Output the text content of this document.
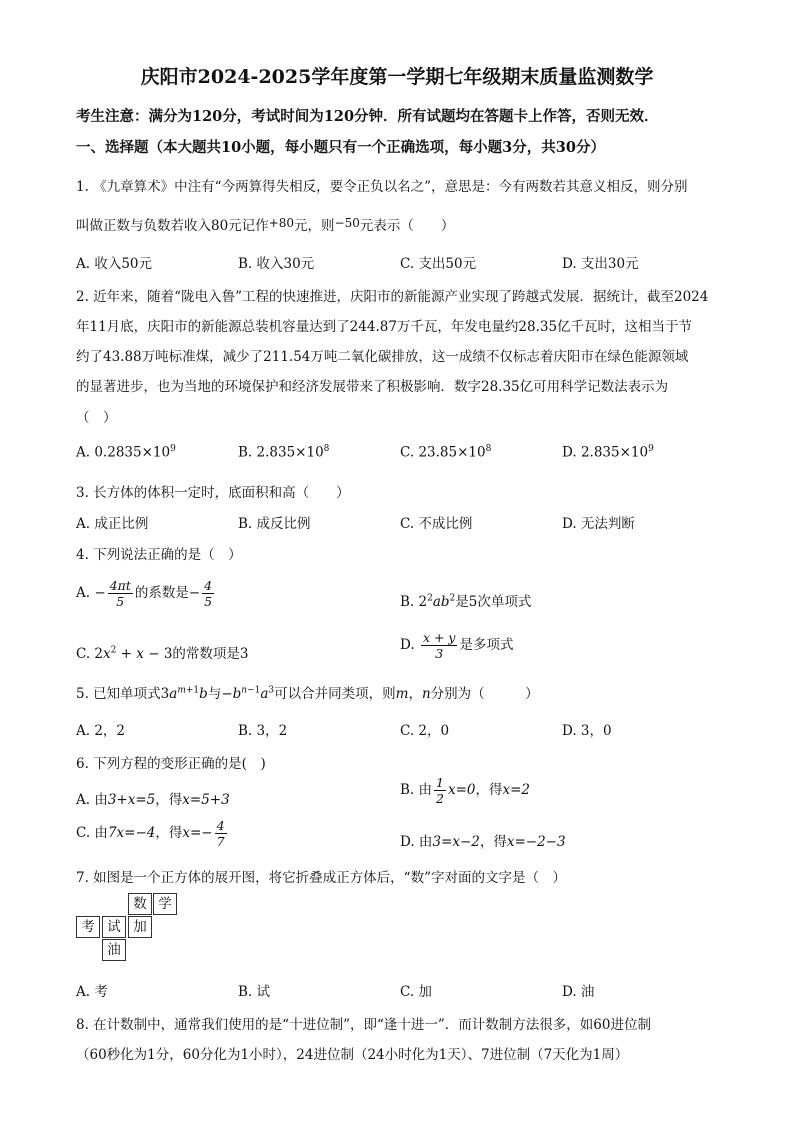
庆阳市2024-2025学年度第一学期七年级期末质量监测数学
考生注意：满分为120分，考试时间为120分钟．所有试题均在答题卡上作答，否则无效．
一、选择题（本大题共10小题，每小题只有一个正确选项，每小题3分，共30分）
1. 《九章算术》中注有“今两算得失相反，要令正负以名之”，意思是：今有两数若其意义相反，则分别
叫做正数与负数若收入80元记作+80元，则−50元表示（　　）
A. 收入50元	B. 收入30元	C. 支出50元	D. 支出30元
2. 近年来，随着“陇电入鲁”工程的快速推进，庆阳市的新能源产业实现了跨越式发展．据统计，截至2024
年11月底，庆阳市的新能源总装机容量达到了244.87万千瓦，年发电量约28.35亿千瓦时，这相当于节
约了43.88万吨标准煤，减少了211.54万吨二氧化碳排放，这一成绩不仅标志着庆阳市在绿色能源领域
的显著进步，也为当地的环境保护和经济发展带来了积极影响．数字28.35亿可用科学记数法表示为
（　）
A. $0.2835\times 10^9$	B. $2.835\times 10^8$	C. $23.85\times 10^8$	D. $2.835\times 10^9$
3. 长方体的体积一定时，底面积和高（　　）
A. 成正比例	B. 成反比例	C. 不成比例	D. 无法判断
4. 下列说法正确的是（　）
A. − $\frac{4\pi t}{5}$ 的系数是− $\frac{4}{5}$	B. $2^2ab^2$是5次单项式
C. $2x^2 + x - 3$的常数项是3
D. $\frac{x + y}{3}$ 是多项式
5. 已知单项式$3a^{m+1}b$与$-b^{n-1}a^3$可以合并同类项，则m，n分别为（　　　）
A. 2，2	B. 3，2	C. 2，0	D. 3，0
6. 下列方程的变形正确的是(　)
A. 由3+x=5，得x=5+3
B. 由 $\frac{1}{2} x=0$，得x=2
C. 由7x=−4，得$x=- \frac{4}{7}$	D. 由3=x−2，得x=−2−3
7. 如图是一个正方体的展开图，将它折叠成正方体后，“数”字对面的文字是（　）
数 学
考 试 加
油
A. 考	B. 试	C. 加	D. 油
8. 在计数制中，通常我们使用的是“十进位制”，即“逢十进一”．而计数制方法很多，如60进位制
（60秒化为1分，60分化为1小时），24进位制（24小时化为1天）、7进位制（7天化为1周）
